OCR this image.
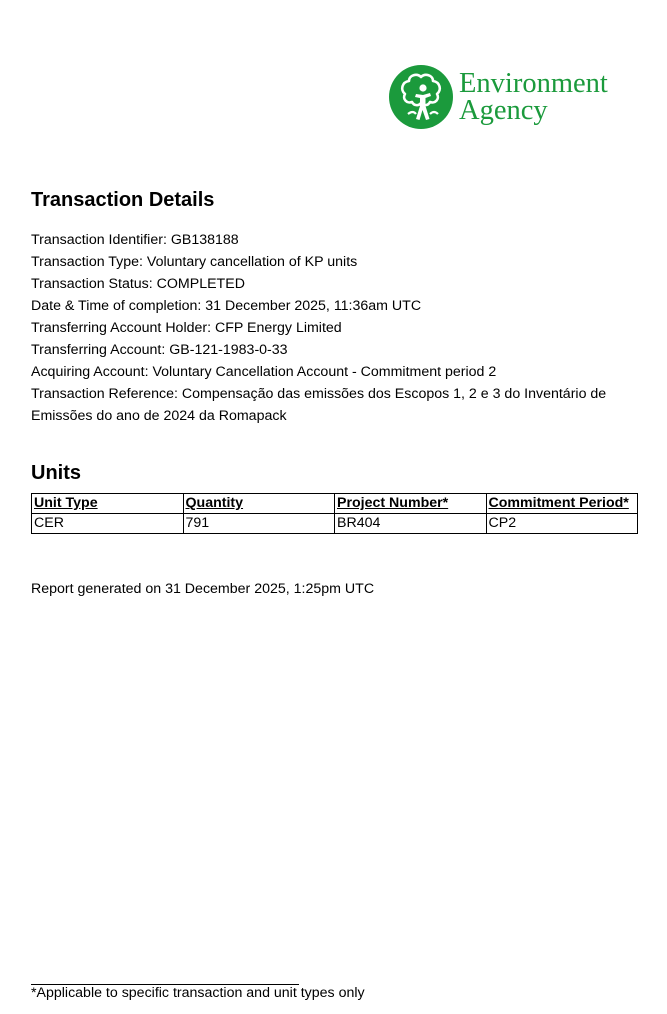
Environment
Agency
Transaction Details
Transaction Identifier: GB138188
Transaction Type: Voluntary cancellation of KP units
Transaction Status: COMPLETED
Date & Time of completion: 31 December 2025, 11:36am UTC
Transferring Account Holder: CFP Energy Limited
Transferring Account: GB-121-1983-0-33
Acquiring Account: Voluntary Cancellation Account - Commitment period 2
Transaction Reference: Compensação das emissões dos Escopos 1, 2 e 3 do Inventário de Emissões do ano de 2024 da Romapack
Units
Unit Type	Quantity	Project Number*	Commitment Period*
CER	791	BR404	CP2
Report generated on 31 December 2025, 1:25pm UTC
*Applicable to specific transaction and unit types only
